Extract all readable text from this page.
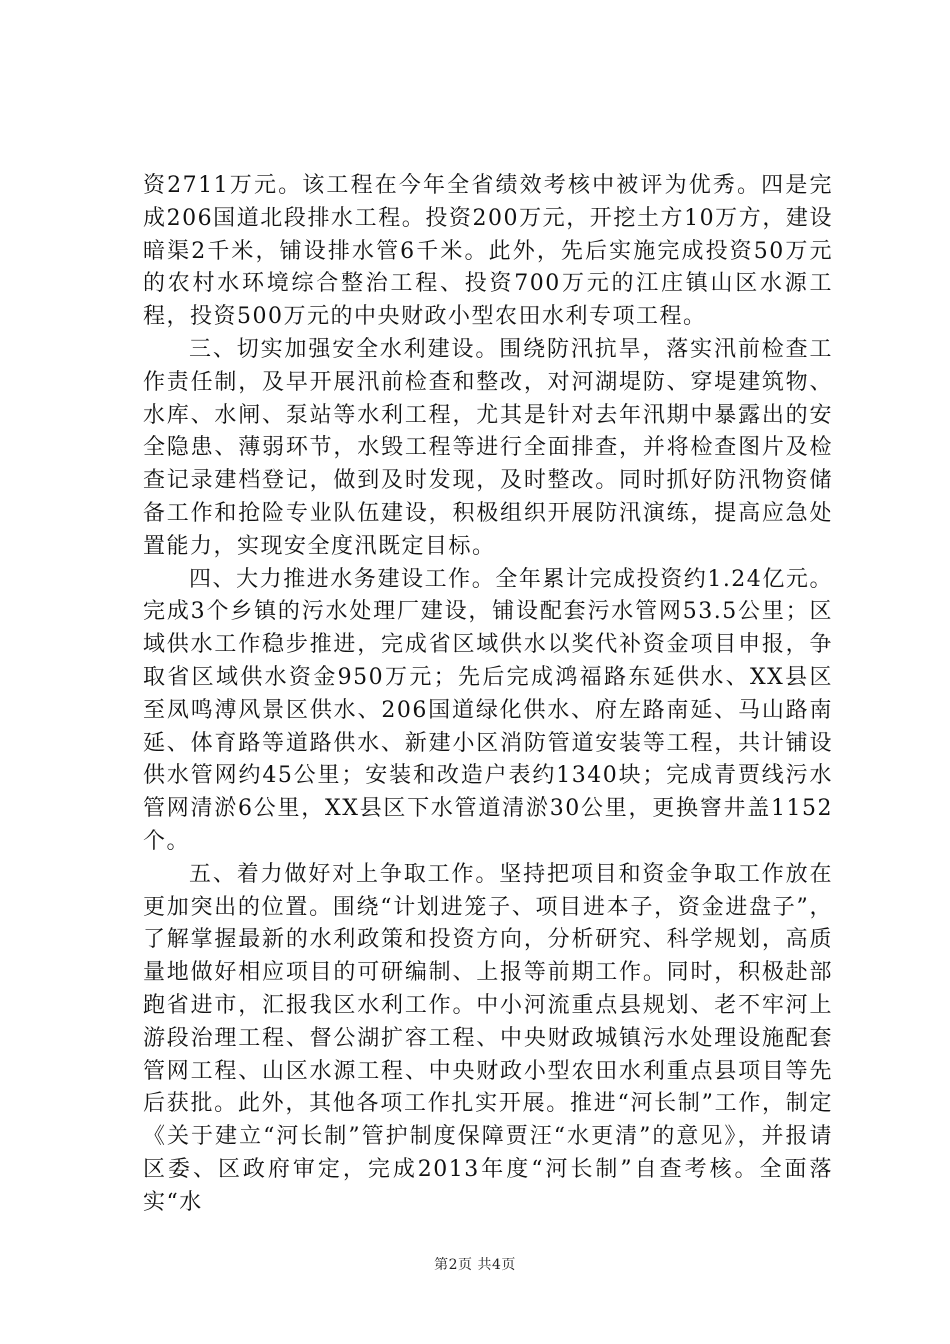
资2711万元。该工程在今年全省绩效考核中被评为优秀。四是完成206国道北段排水工程。投资200万元，开挖土方10万方，建设暗渠2千米，铺设排水管6千米。此外，先后实施完成投资50万元的农村水环境综合整治工程、投资700万元的江庄镇山区水源工程，投资500万元的中央财政小型农田水利专项工程。

三、切实加强安全水利建设。围绕防汛抗旱，落实汛前检查工作责任制，及早开展汛前检查和整改，对河湖堤防、穿堤建筑物、水库、水闸、泵站等水利工程，尤其是针对去年汛期中暴露出的安全隐患、薄弱环节，水毁工程等进行全面排查，并将检查图片及检查记录建档登记，做到及时发现，及时整改。同时抓好防汛物资储备工作和抢险专业队伍建设，积极组织开展防汛演练，提高应急处置能力，实现安全度汛既定目标。

四、大力推进水务建设工作。全年累计完成投资约1.24亿元。完成3个乡镇的污水处理厂建设，铺设配套污水管网53.5公里；区域供水工作稳步推进，完成省区域供水以奖代补资金项目申报，争取省区域供水资金950万元；先后完成鸿福路东延供水、XX县区至凤鸣溥风景区供水、206国道绿化供水、府左路南延、马山路南延、体育路等道路供水、新建小区消防管道安装等工程，共计铺设供水管网约45公里；安装和改造户表约1340块；完成青贾线污水管网清淤6公里，XX县区下水管道清淤30公里，更换窨井盖1152个。

五、着力做好对上争取工作。坚持把项目和资金争取工作放在更加突出的位置。围绕“计划进笼子、项目进本子，资金进盘子”，了解掌握最新的水利政策和投资方向，分析研究、科学规划，高质量地做好相应项目的可研编制、上报等前期工作。同时，积极赴部跑省进市，汇报我区水利工作。中小河流重点县规划、老不牢河上游段治理工程、督公湖扩容工程、中央财政城镇污水处理设施配套管网工程、山区水源工程、中央财政小型农田水利重点县项目等先后获批。此外，其他各项工作扎实开展。推进“河长制”工作，制定《关于建立“河长制”管护制度保障贾汪“水更清”的意见》，并报请区委、区政府审定，完成2013年度“河长制”自查考核。全面落实“水

第2页 共4页
